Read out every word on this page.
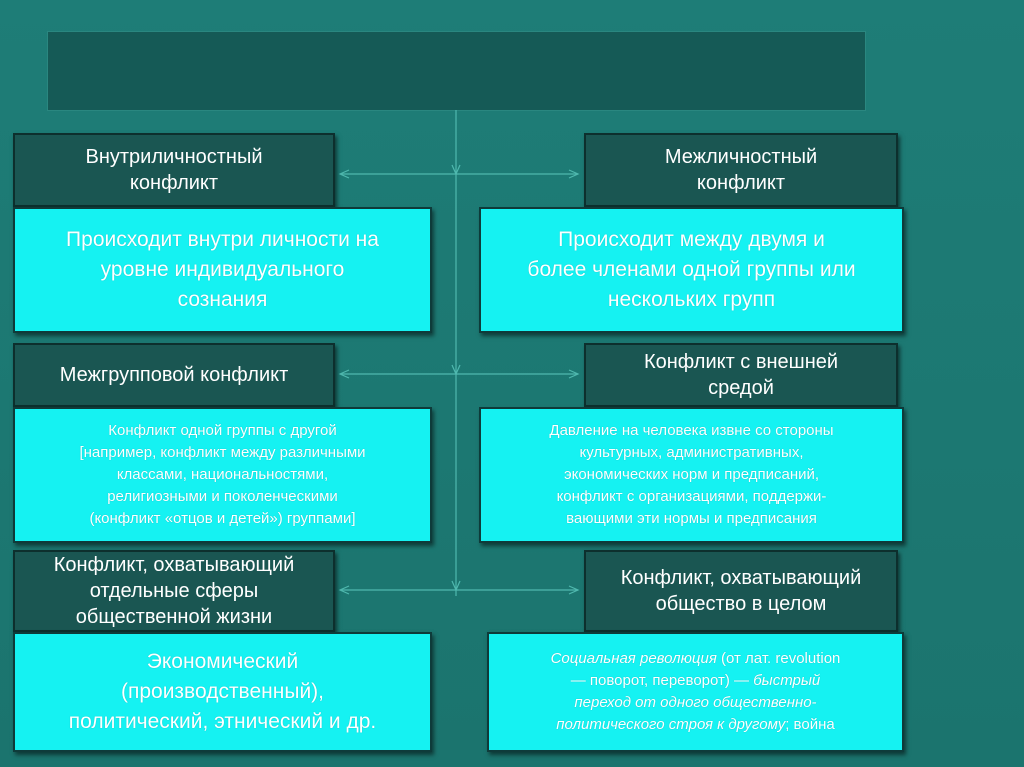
Внутриличностный
конфликт
Происходит внутри личности на
уровне индивидуального
сознания
Межгрупповой конфликт
Конфликт одной группы с другой
[например, конфликт между различными
классами, национальностями,
религиозными и поколенческими
(конфликт «отцов и детей») группами]
Конфликт, охватывающий
отдельные сферы
общественной жизни
Экономический
(производственный),
политический, этнический и др.
Межличностный
конфликт
Происходит между двумя и
более членами одной группы или
нескольких групп
Конфликт с внешней
средой
Давление на человека извне со стороны
культурных, административных,
экономических норм и предписаний,
конфликт с организациями, поддержи-
вающими эти нормы и предписания
Конфликт, охватывающий
общество в целом
Социальная революция (от лат. revolution
— поворот, переворот) — быстрый
переход от одного общественно-
политического строя к другому; война
